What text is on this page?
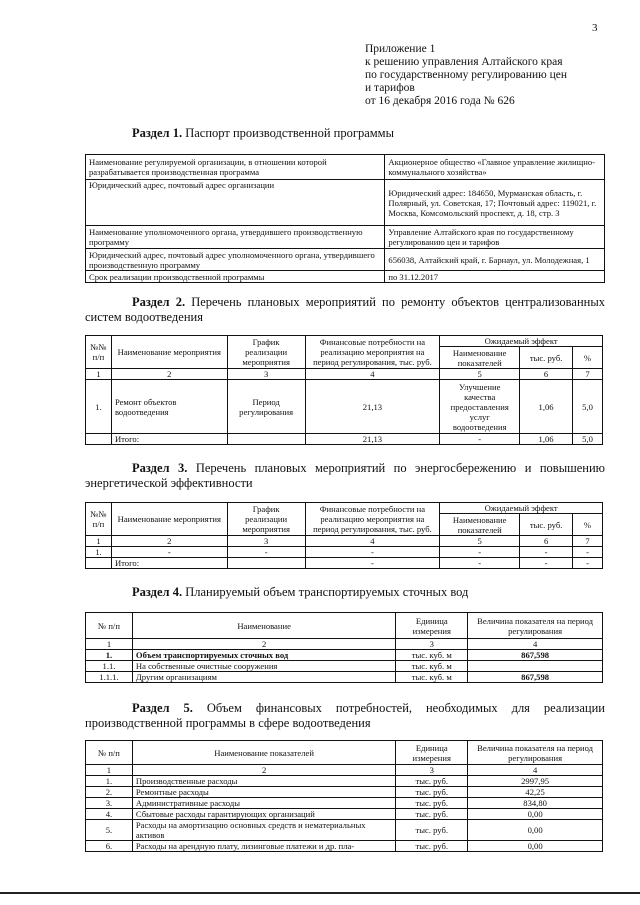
3
Приложение 1
к решению управления Алтайского края
по государственному регулированию цен
и тарифов
от 16 декабря 2016 года № 626
Раздел 1. Паспорт производственной программы
Наименование регулируемой организации, в отношении которой разрабатывается производственная программа	Акционерное общество «Главное управление жилищно-коммунального хозяйства»
Юридический адрес, почтовый адрес организации	Юридический адрес: 184650, Мурманская область, г. Полярный, ул. Советская, 17; Почтовый адрес: 119021, г. Москва, Комсомольский проспект, д. 18, стр. 3
Наименование уполномоченного органа, утвердившего производственную программу	Управление Алтайского края по государственному регулированию цен и тарифов
Юридический адрес, почтовый адрес уполномоченного органа, утвердившего производственную программу	656038, Алтайский край, г. Барнаул, ул. Молодежная, 1
Срок реализации производственной программы	по 31.12.2017
Раздел 2. Перечень плановых мероприятий по ремонту объектов централизованных систем водоотведения
№№ п/п	Наименование мероприятия	График реализации мероприятия	Финансовые потребности на реализацию мероприятия на период регулирования, тыс. руб.	Ожидаемый эффект		
				Наименование показателей	тыс. руб.	%
1	2	3	4	5	6	7
1.	Ремонт объектов водоотведения	Период регулирования	21,13	Улучшение качества предоставления услуг водоотведения	1,06	5,0
	Итого:		21,13	-	1,06	5,0
Раздел 3. Перечень плановых мероприятий по энергосбережению и повышению энергетической эффективности
№№ п/п	Наименование мероприятия	График реализации мероприятия	Финансовые потребности на реализацию мероприятия на период регулирования, тыс. руб.	Ожидаемый эффект		
				Наименование показателей	тыс. руб.	%
1	2	3	4	5	6	7
1.	-	-	-	-	-	-
	Итого:		-	-	-	-
Раздел 4. Планируемый объем транспортируемых сточных вод
№ п/п	Наименование	Единица измерения	Величина показателя на период регулирования
1	2	3	4
1.	Объем транспортируемых сточных вод	тыс. куб. м	867,598
1.1.	На собственные очистные сооружения	тыс. куб. м	
1.1.1.	Другим организациям	тыс. куб. м	867,598
Раздел 5. Объем финансовых потребностей, необходимых для реализации производственной программы в сфере водоотведения
№ п/п	Наименование показателей	Единица измерения	Величина показателя на период регулирования
1	2	3	4
1.	Производственные расходы	тыс. руб.	2997,95
2.	Ремонтные расходы	тыс. руб.	42,25
3.	Административные расходы	тыс. руб.	834,80
4.	Сбытовые расходы гарантирующих организаций	тыс. руб.	0,00
5.	Расходы на амортизацию основных средств и нематериальных активов	тыс. руб.	0,00
6.	Расходы на арендную плату, лизинговые платежи и др. пла-	тыс. руб.	0,00
